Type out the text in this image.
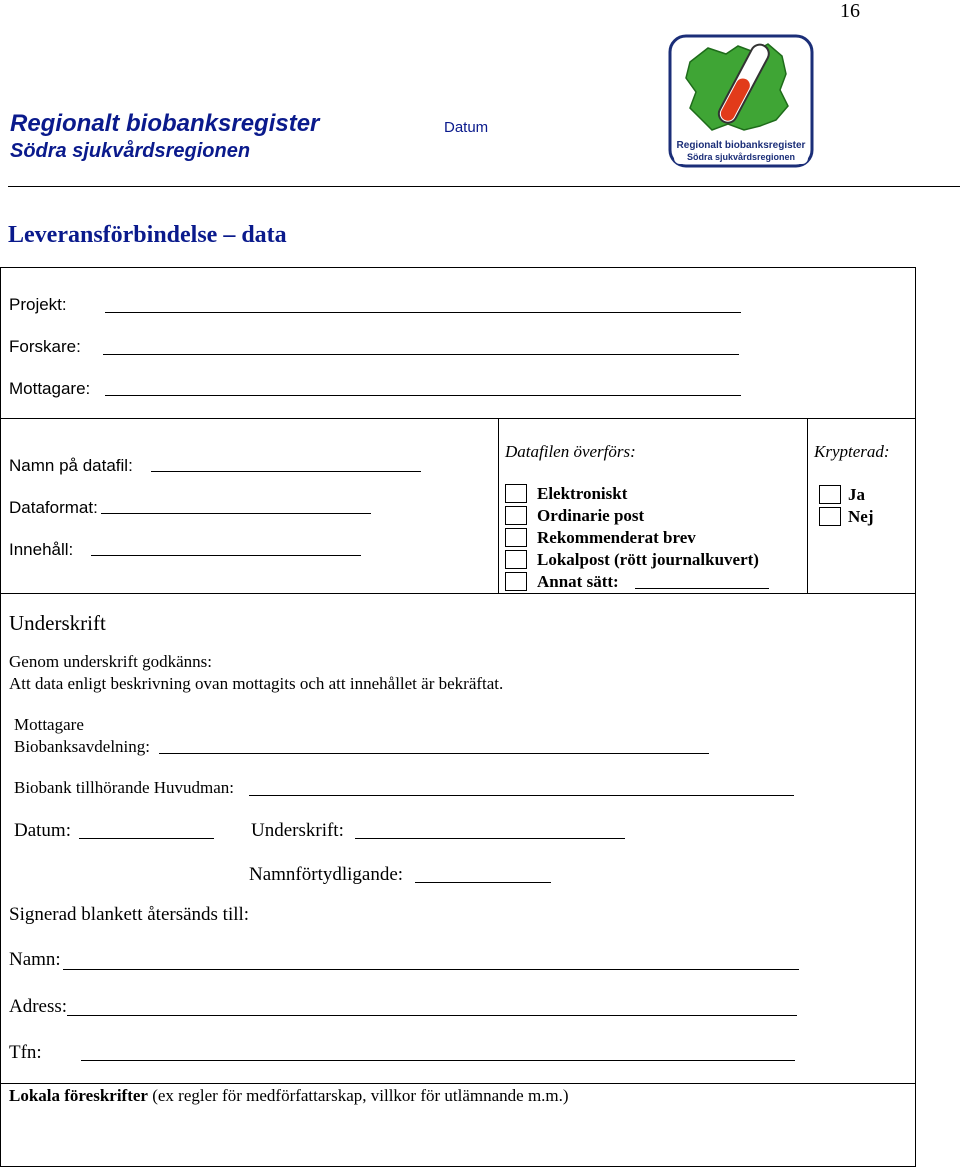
16
Regionalt biobanksregister
Södra sjukvårdsregionen
Datum
Regionalt biobanksregister
Södra sjukvårdsregionen
Leveransförbindelse – data
Projekt:
Forskare:
Mottagare:
Namn på datafil:
Dataformat:
Innehåll:
Datafilen överförs:
Elektroniskt
Ordinarie post
Rekommenderat brev
Lokalpost (rött journalkuvert)
Annat sätt:
Krypterad:
Ja
Nej
Underskrift
Genom underskrift godkänns:
Att data enligt beskrivning ovan mottagits och att innehållet är bekräftat.
Mottagare
Biobanksavdelning:
Biobank tillhörande Huvudman:
Datum:	Underskrift:
Namnförtydligande:
Signerad blankett återsänds till:
Namn:
Adress:
Tfn:
Lokala föreskrifter (ex regler för medförfattarskap, villkor för utlämnande m.m.)
